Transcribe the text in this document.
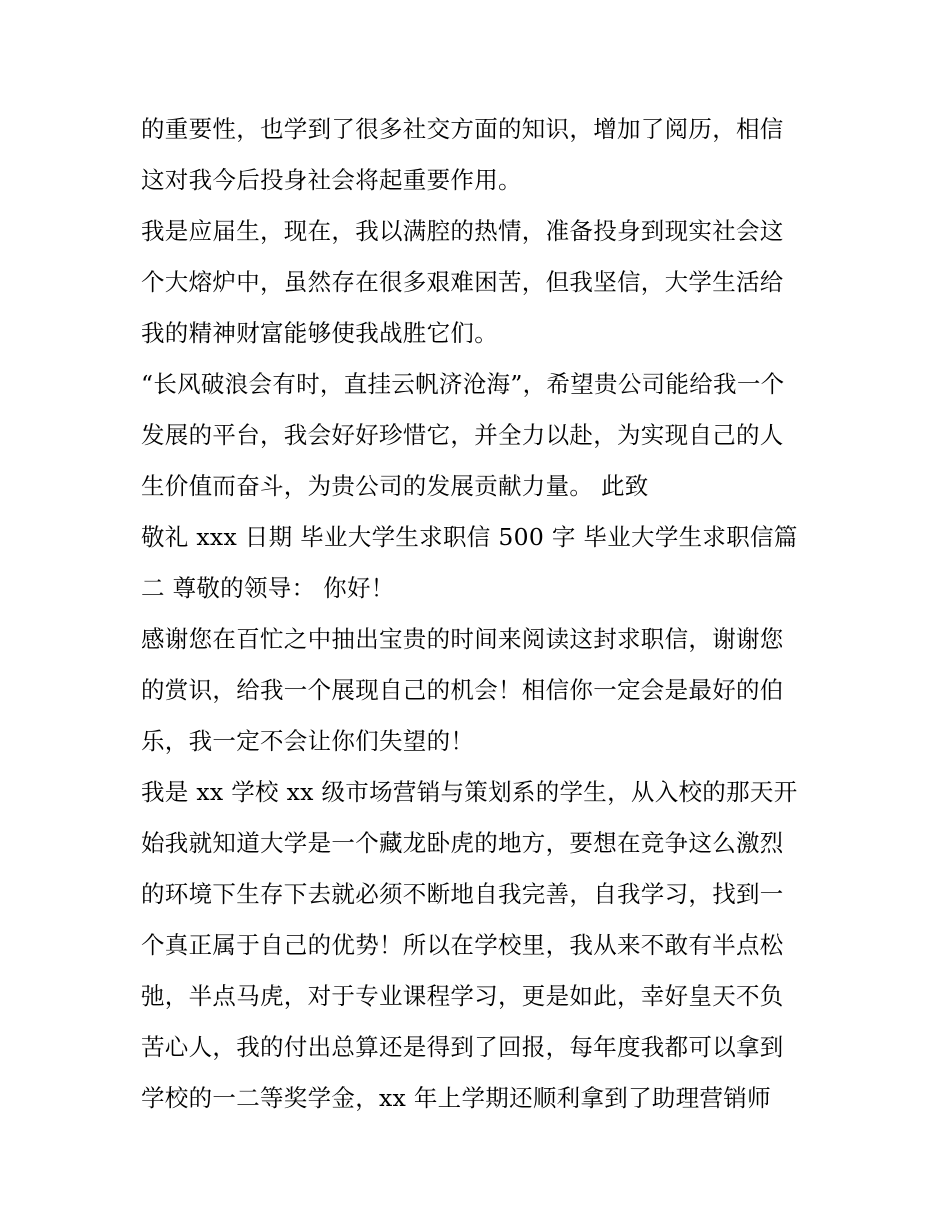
的重要性，也学到了很多社交方面的知识，增加了阅历，相信
这对我今后投身社会将起重要作用。
我是应届生，现在，我以满腔的热情，准备投身到现实社会这
个大熔炉中，虽然存在很多艰难困苦，但我坚信，大学生活给
我的精神财富能够使我战胜它们。
“长风破浪会有时，直挂云帆济沧海”，希望贵公司能给我一个
发展的平台，我会好好珍惜它，并全力以赴，为实现自己的人
生价值而奋斗，为贵公司的发展贡献力量。 此致
敬礼 xxx 日期 毕业大学生求职信 500 字 毕业大学生求职信篇
二 尊敬的领导： 你好！
感谢您在百忙之中抽出宝贵的时间来阅读这封求职信，谢谢您
的赏识，给我一个展现自己的机会！相信你一定会是最好的伯
乐，我一定不会让你们失望的！
我是 xx 学校 xx 级市场营销与策划系的学生，从入校的那天开
始我就知道大学是一个藏龙卧虎的地方，要想在竞争这么激烈
的环境下生存下去就必须不断地自我完善，自我学习，找到一
个真正属于自己的优势！所以在学校里，我从来不敢有半点松
弛，半点马虎，对于专业课程学习，更是如此，幸好皇天不负
苦心人，我的付出总算还是得到了回报，每年度我都可以拿到
学校的一二等奖学金，xx 年上学期还顺利拿到了助理营销师
